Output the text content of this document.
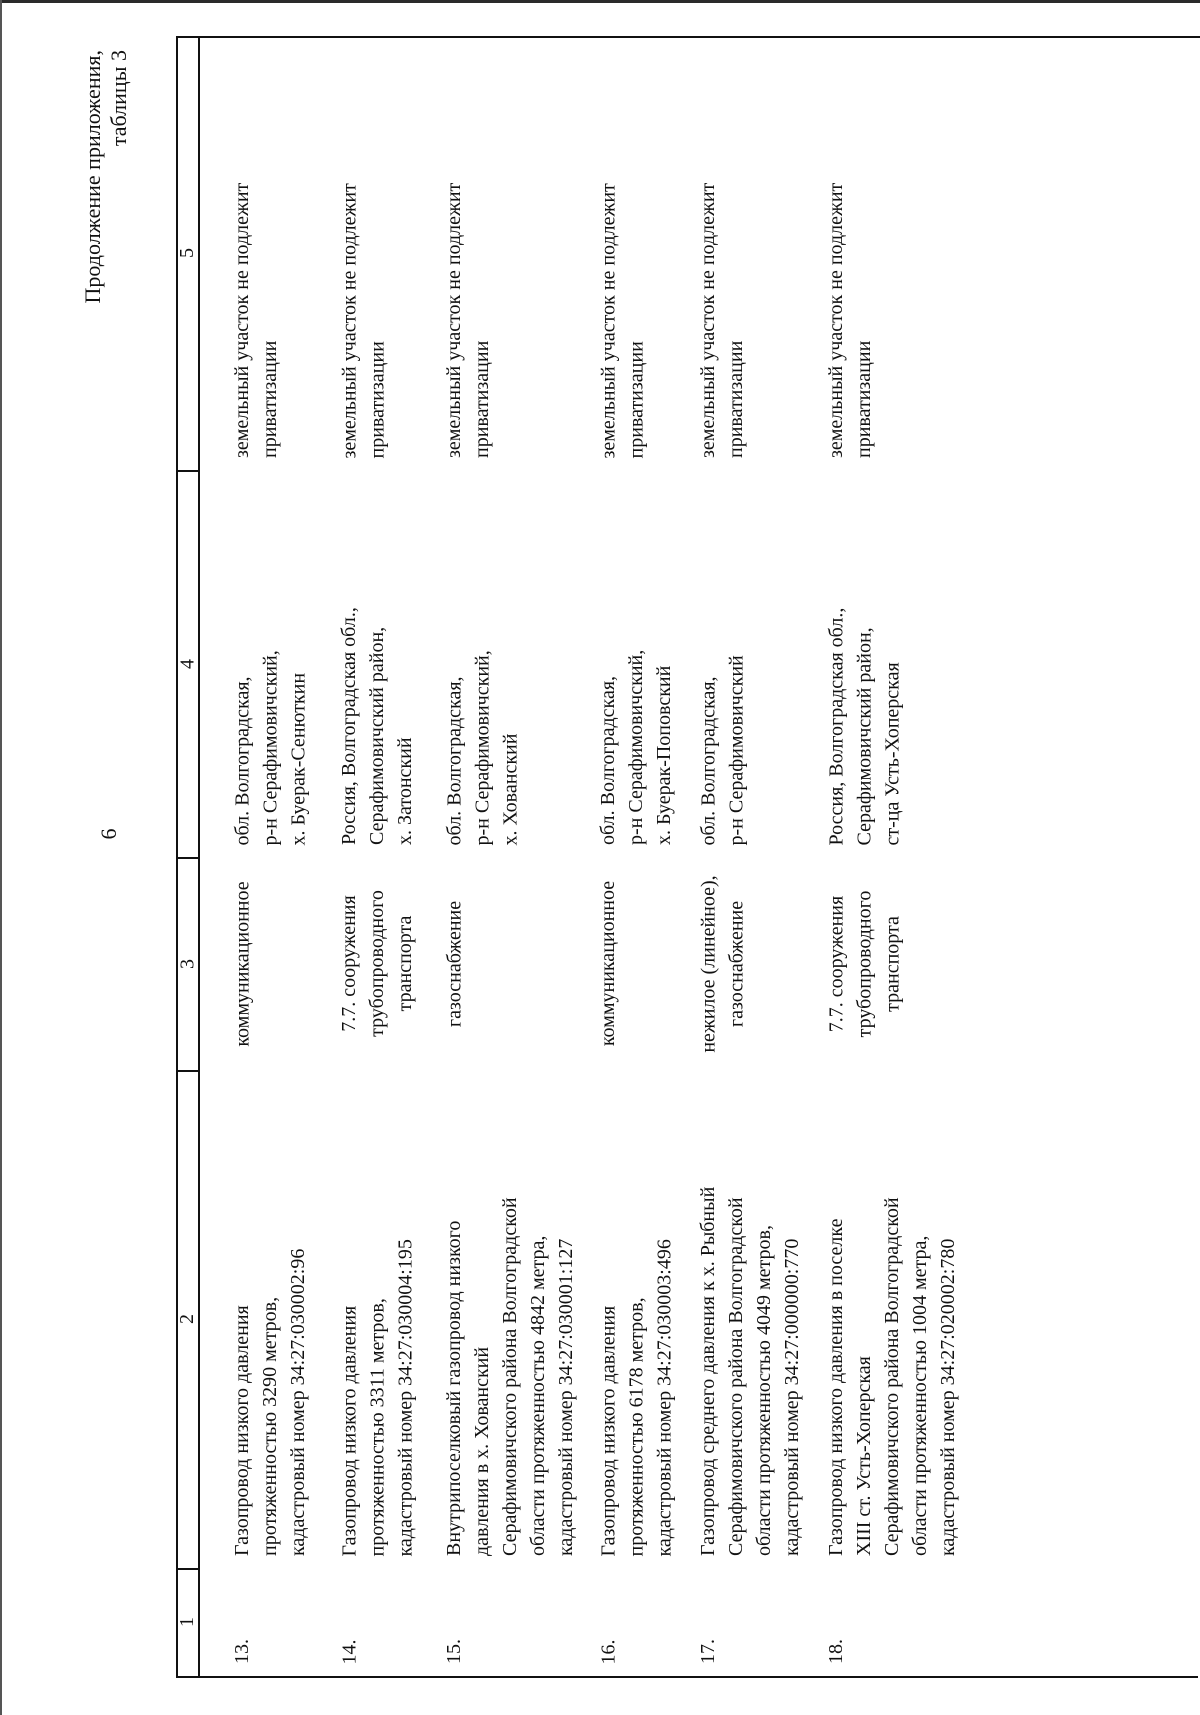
6
Продолжение приложения, таблицы 3
1
2
3
4
5
13.
Газопровод низкого давления протяженностью 3290 метров, кадастровый номер 34:27:030002:96
коммуникационное
обл. Волгоградская, р-н Серафимовичский, х. Буерак-Сенюткин
земельный участок не подлежит приватизации
14.
Газопровод низкого давления протяженностью 3311 метров, кадастровый номер 34:27:030004:195
7.7. сооружения трубопроводного транспорта
Россия, Волгоградская обл., Серафимовичский район, х. Затонский
земельный участок не подлежит приватизации
15.
Внутрипоселковый газопровод низкого давления в х. Хованский Серафимовичского района Волгоградской области протяженностью 4842 метра, кадастровый номер 34:27:030001:127
газоснабжение
обл. Волгоградская, р-н Серафимовичский, х. Хованский
земельный участок не подлежит приватизации
16.
Газопровод низкого давления протяженностью 6178 метров, кадастровый номер 34:27:030003:496
коммуникационное
обл. Волгоградская, р-н Серафимовичский, х. Буерак-Поповский
земельный участок не подлежит приватизации
17.
Газопровод среднего давления к х. Рыбный Серафимовичского района Волгоградской области протяженностью 4049 метров, кадастровый номер 34:27:000000:770
нежилое (линейное), газоснабжение
обл. Волгоградская, р-н Серафимовичский
земельный участок не подлежит приватизации
18.
Газопровод низкого давления в поселке XIII ст. Усть-Хоперская Серафимовичского района Волгоградской области протяженностью 1004 метра, кадастровый номер 34:27:020002:780
7.7. сооружения трубопроводного транспорта
Россия, Волгоградская обл., Серафимовичский район, ст-ца Усть-Хоперская
земельный участок не подлежит приватизации
